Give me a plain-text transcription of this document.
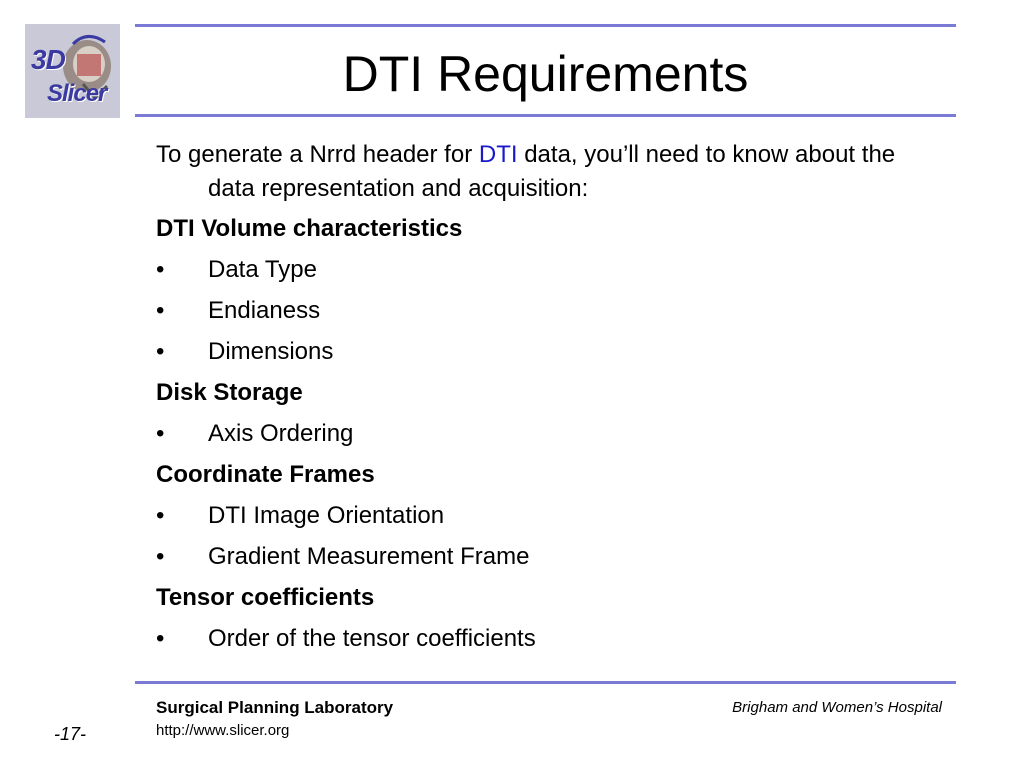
3D
Slicer	DTI Requirements

To generate a Nrrd header for DTI data, you’ll need to know about the data representation and acquisition:

DTI Volume characteristics

• Data Type

• Endianess

• Dimensions

Disk Storage

• Axis Ordering

Coordinate Frames

• DTI Image Orientation

• Gradient Measurement Frame

Tensor coefficients

• Order of the tensor coefficients

Surgical Planning Laboratory
http://www.slicer.org
Brigham and Women’s Hospital
-17-
